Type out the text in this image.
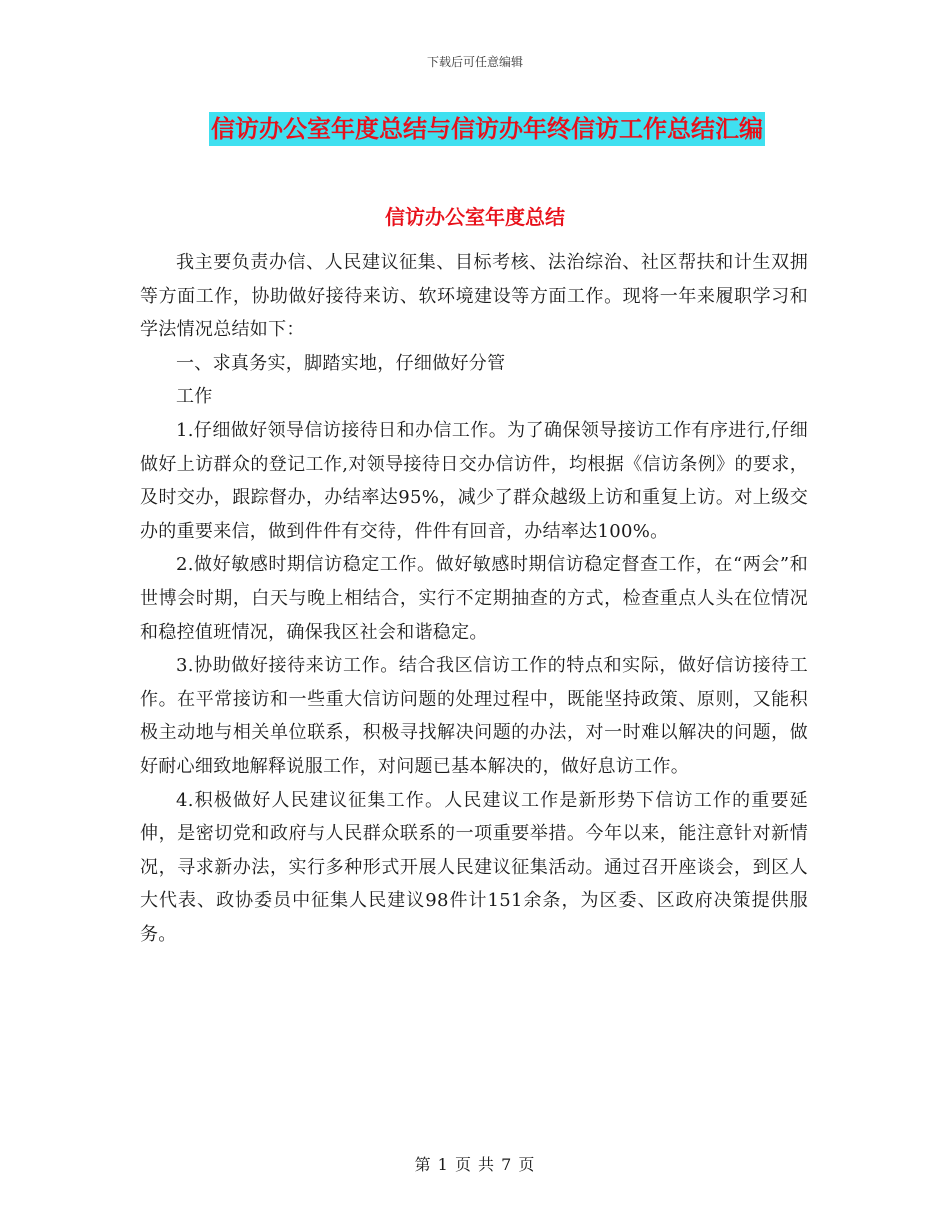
下载后可任意编辑
信访办公室年度总结与信访办年终信访工作总结汇编
信访办公室年度总结

我主要负责办信、人民建议征集、目标考核、法治综治、社区帮扶和计生双拥等方面工作，协助做好接待来访、软环境建设等方面工作。现将一年来履职学习和学法情况总结如下：

一、求真务实，脚踏实地，仔细做好分管

工作

1.仔细做好领导信访接待日和办信工作。为了确保领导接访工作有序进行,仔细做好上访群众的登记工作,对领导接待日交办信访件，均根据《信访条例》的要求，及时交办，跟踪督办，办结率达95%，减少了群众越级上访和重复上访。对上级交办的重要来信，做到件件有交待，件件有回音，办结率达100%。

2.做好敏感时期信访稳定工作。做好敏感时期信访稳定督查工作，在“两会”和世博会时期，白天与晚上相结合，实行不定期抽查的方式，检查重点人头在位情况和稳控值班情况，确保我区社会和谐稳定。

3.协助做好接待来访工作。结合我区信访工作的特点和实际，做好信访接待工作。在平常接访和一些重大信访问题的处理过程中，既能坚持政策、原则，又能积极主动地与相关单位联系，积极寻找解决问题的办法，对一时难以解决的问题，做好耐心细致地解释说服工作，对问题已基本解决的，做好息访工作。

4.积极做好人民建议征集工作。人民建议工作是新形势下信访工作的重要延伸，是密切党和政府与人民群众联系的一项重要举措。今年以来，能注意针对新情况，寻求新办法，实行多种形式开展人民建议征集活动。通过召开座谈会，到区人大代表、政协委员中征集人民建议98件计151余条，为区委、区政府决策提供服务。

第 1 页 共 7 页
